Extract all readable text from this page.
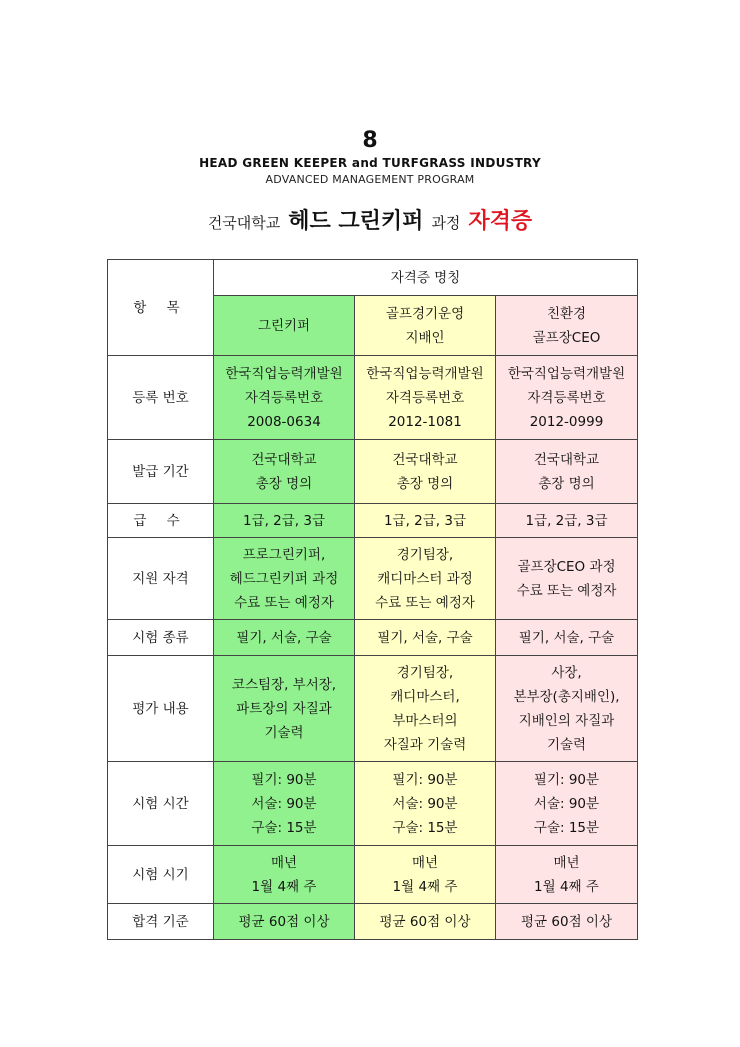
8
HEAD GREEN KEEPER and TURFGRASS INDUSTRY
ADVANCED MANAGEMENT PROGRAM
건국대학교 헤드 그린키퍼 과정 자격증
항 목	자격증 명칭		

	그린키퍼	골프경기운영
지배인	친환경
골프장CEO

등록 번호	한국직업능력개발원
자격등록번호
2008-0634	한국직업능력개발원
자격등록번호
2012-1081	한국직업능력개발원
자격등록번호
2012-0999

발급 기간	건국대학교
총장 명의	건국대학교
총장 명의	건국대학교
총장 명의

급 수	1급, 2급, 3급	1급, 2급, 3급	1급, 2급, 3급

지원 자격	프로그린키퍼,
헤드그린키퍼 과정
수료 또는 예정자	경기팀장,
캐디마스터 과정
수료 또는 예정자	골프장CEO 과정
수료 또는 예정자

시험 종류	필기, 서술, 구술	필기, 서술, 구술	필기, 서술, 구술

평가 내용	코스팀장, 부서장,
파트장의 자질과
기술력	경기팀장,
캐디마스터,
부마스터의
자질과 기술력	사장,
본부장(총지배인),
지배인의 자질과
기술력

시험 시간	필기: 90분
서술: 90분
구술: 15분	필기: 90분
서술: 90분
구술: 15분	필기: 90분
서술: 90분
구술: 15분

시험 시기	매년
1월 4째 주	매년
1월 4째 주	매년
1월 4째 주

합격 기준	평균 60점 이상	평균 60점 이상	평균 60점 이상
